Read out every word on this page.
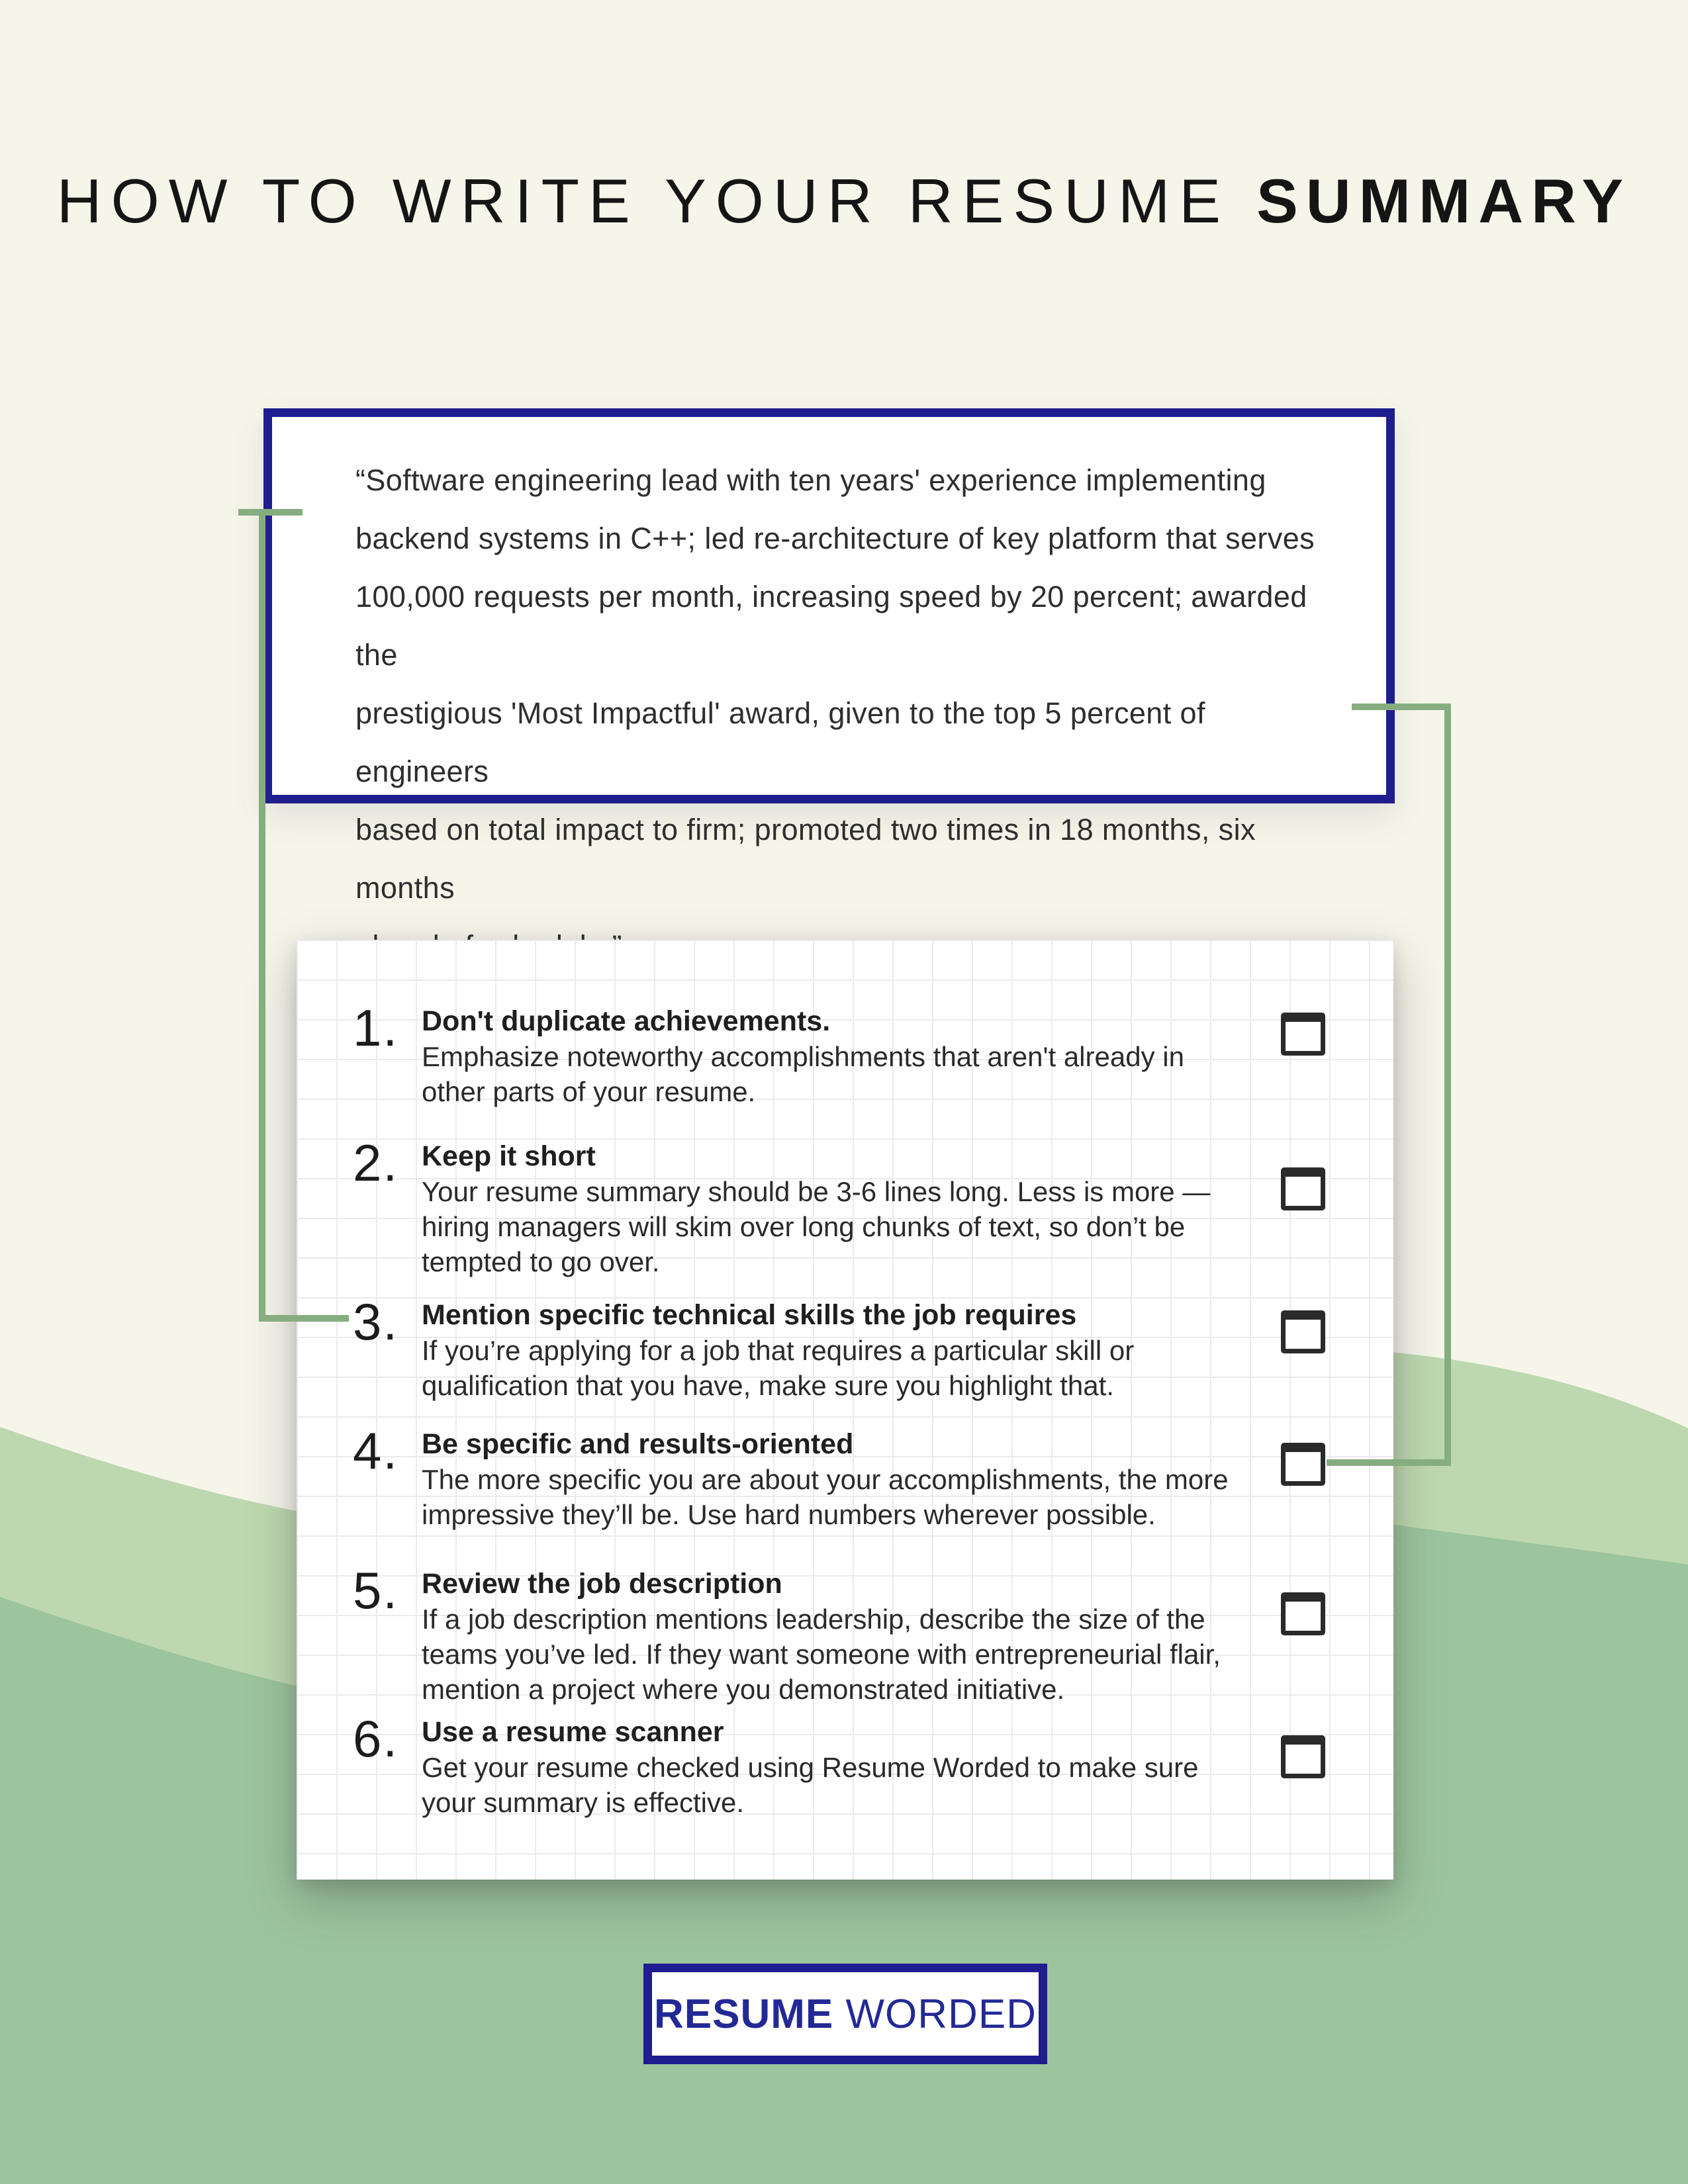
HOW TO WRITE YOUR RESUME SUMMARY
“Software engineering lead with ten years' experience implementing
backend systems in C++; led re-architecture of key platform that serves
100,000 requests per month, increasing speed by 20 percent; awarded the
prestigious 'Most Impactful' award, given to the top 5 percent of engineers
based on total impact to firm; promoted two times in 18 months, six months
1. Don't duplicate achievements.
Emphasize noteworthy accomplishments that aren't already in
other parts of your resume.
2. Keep it short
Your resume summary should be 3-6 lines long. Less is more —
hiring managers will skim over long chunks of text, so don’t be
tempted to go over.
3. Mention specific technical skills the job requires
If you’re applying for a job that requires a particular skill or
qualification that you have, make sure you highlight that.
4. Be specific and results-oriented
The more specific you are about your accomplishments, the more
impressive they’ll be. Use hard numbers wherever possible.
5. Review the job description
If a job description mentions leadership, describe the size of the
teams you’ve led. If they want someone with entrepreneurial flair,
mention a project where you demonstrated initiative.
6. Use a resume scanner
Get your resume checked using Resume Worded to make sure
your summary is effective.
RESUME WORDED
